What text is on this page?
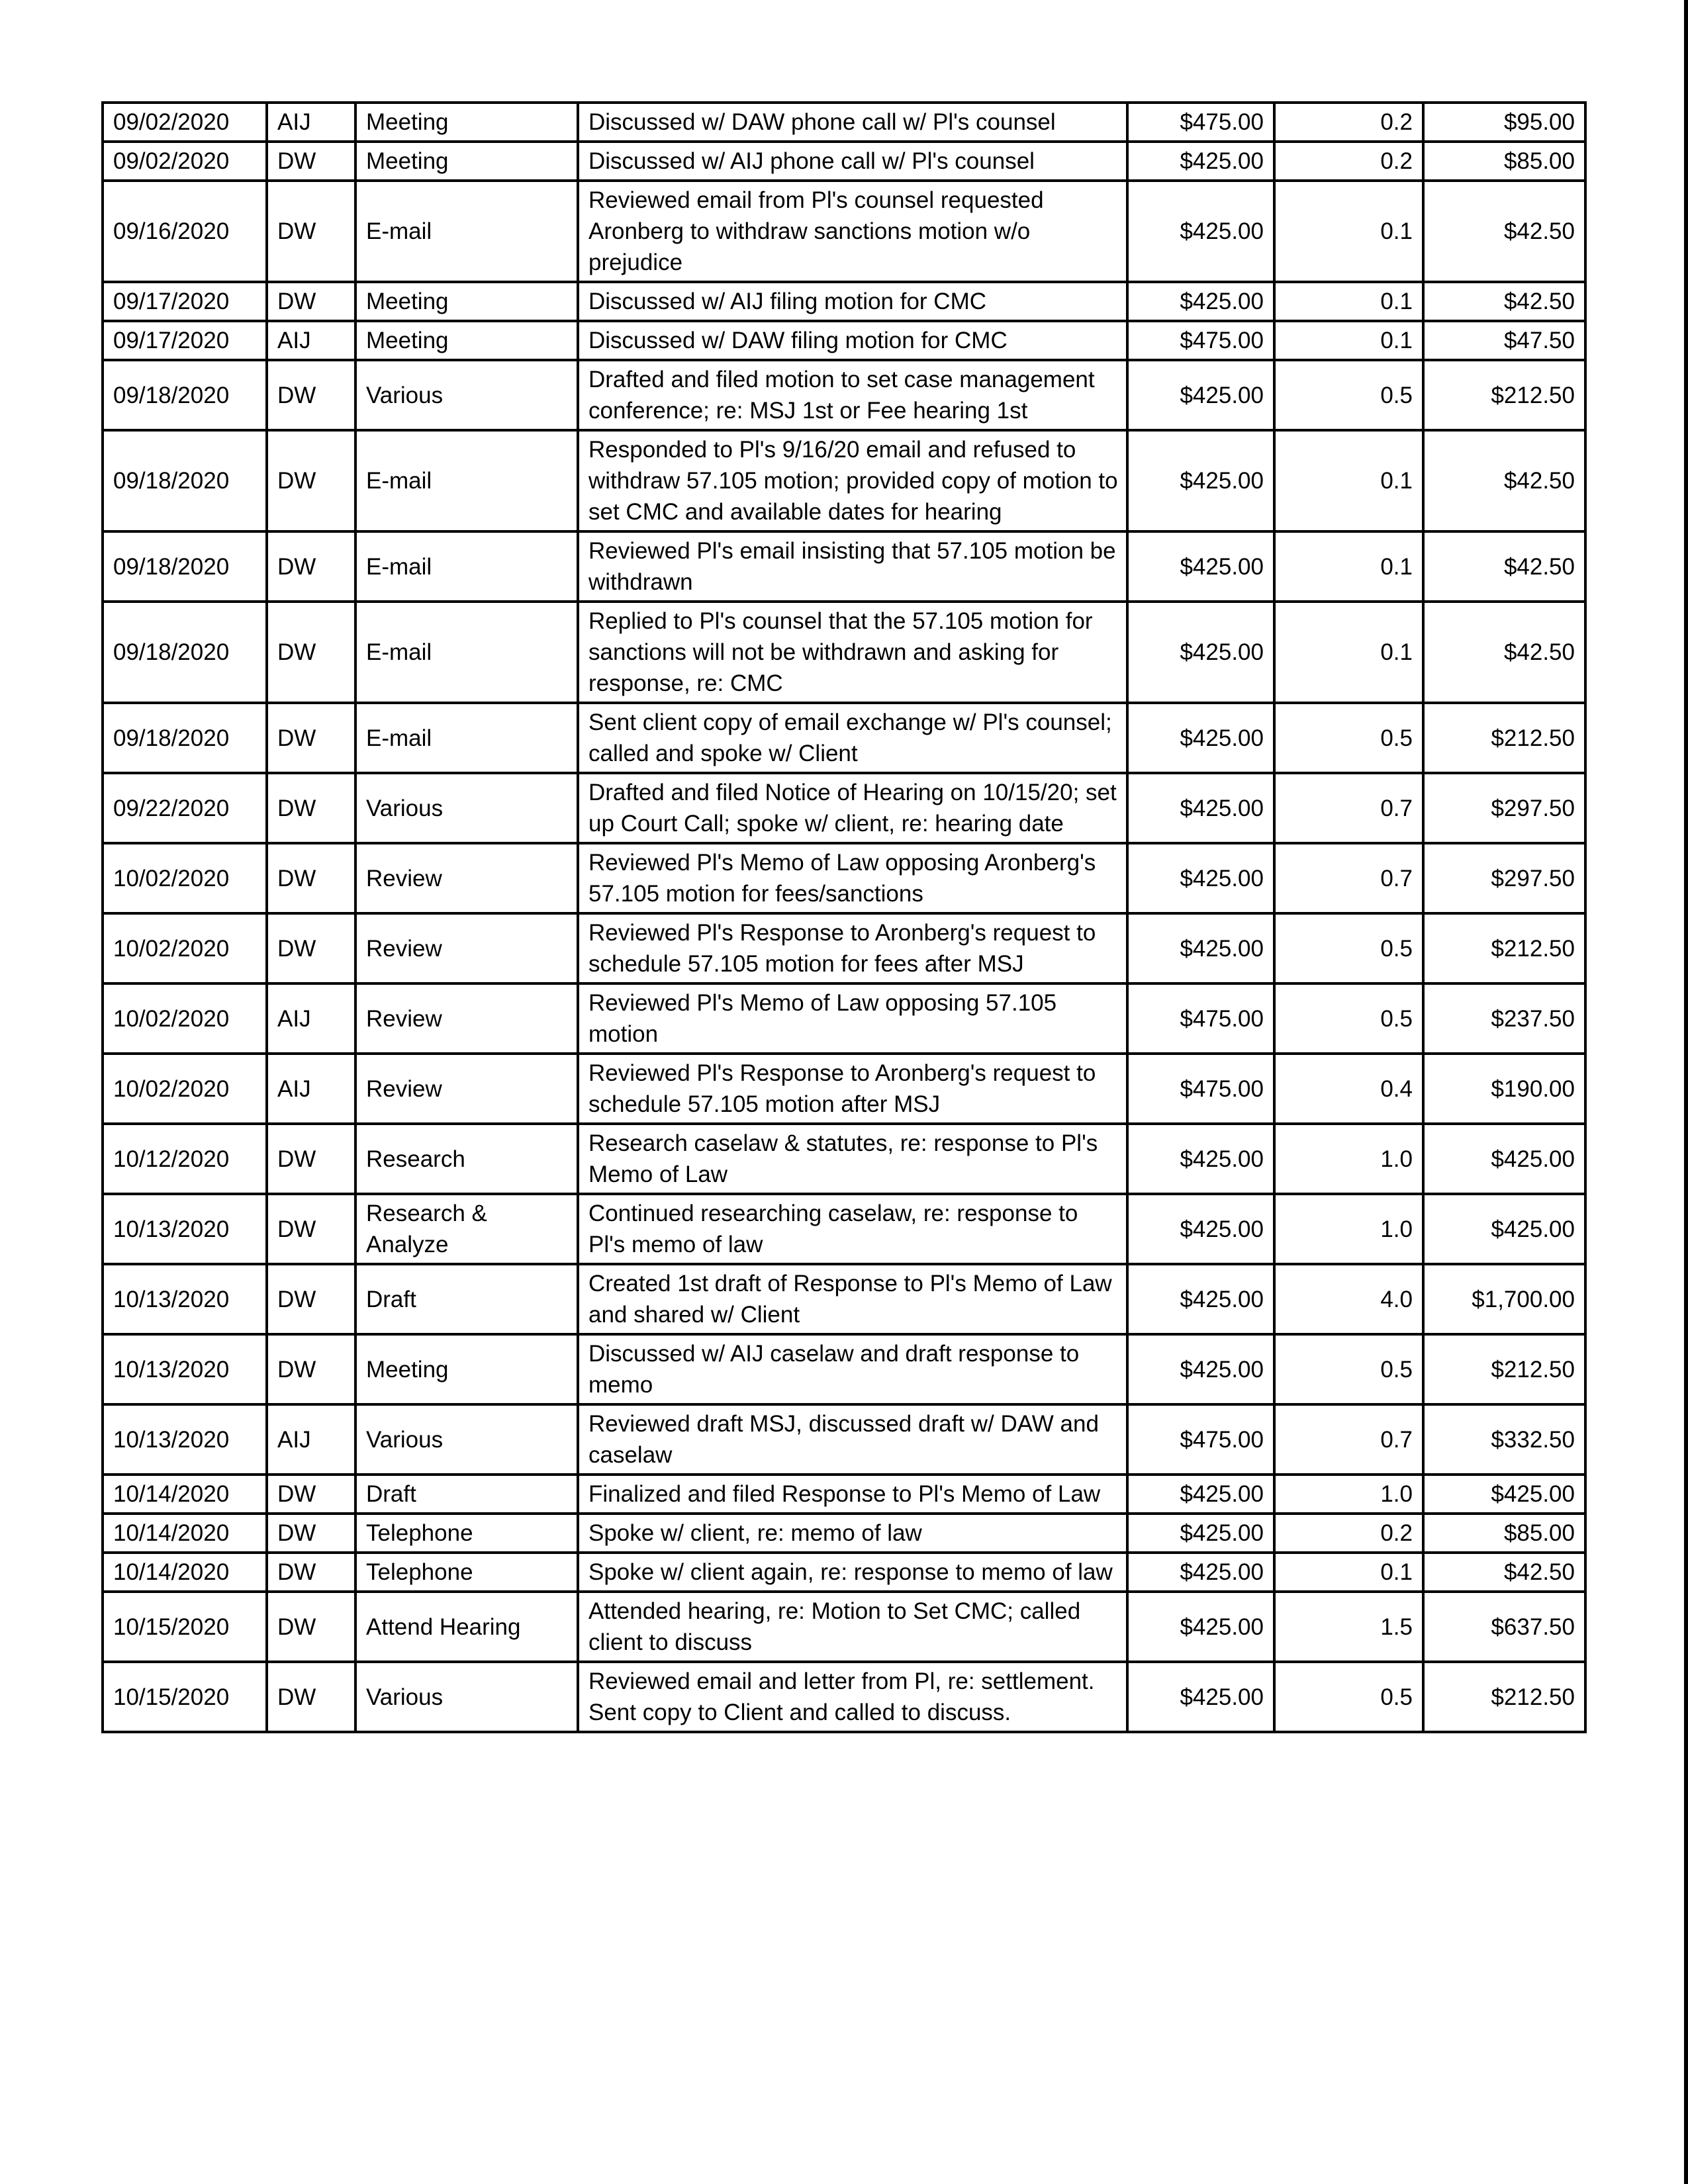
09/02/2020	AIJ	Meeting	Discussed w/ DAW phone call w/ Pl's counsel	$475.00	0.2	$95.00
09/02/2020	DW	Meeting	Discussed w/ AIJ phone call w/ Pl's counsel	$425.00	0.2	$85.00
09/16/2020	DW	E-mail	Reviewed email from Pl's counsel requested Aronberg to withdraw sanctions motion w/o prejudice	$425.00	0.1	$42.50
09/17/2020	DW	Meeting	Discussed w/ AIJ filing motion for CMC	$425.00	0.1	$42.50
09/17/2020	AIJ	Meeting	Discussed w/ DAW filing motion for CMC	$475.00	0.1	$47.50
09/18/2020	DW	Various	Drafted and filed motion to set case management conference; re: MSJ 1st or Fee hearing 1st	$425.00	0.5	$212.50
09/18/2020	DW	E-mail	Responded to Pl's 9/16/20 email and refused to withdraw 57.105 motion; provided copy of motion to set CMC and available dates for hearing	$425.00	0.1	$42.50
09/18/2020	DW	E-mail	Reviewed Pl's email insisting that 57.105 motion be withdrawn	$425.00	0.1	$42.50
09/18/2020	DW	E-mail	Replied to Pl's counsel that the 57.105 motion for sanctions will not be withdrawn and asking for response, re: CMC	$425.00	0.1	$42.50
09/18/2020	DW	E-mail	Sent client copy of email exchange w/ Pl's counsel; called and spoke w/ Client	$425.00	0.5	$212.50
09/22/2020	DW	Various	Drafted and filed Notice of Hearing on 10/15/20; set up Court Call; spoke w/ client, re: hearing date	$425.00	0.7	$297.50
10/02/2020	DW	Review	Reviewed Pl's Memo of Law opposing Aronberg's 57.105 motion for fees/sanctions	$425.00	0.7	$297.50
10/02/2020	DW	Review	Reviewed Pl's Response to Aronberg's request to schedule 57.105 motion for fees after MSJ	$425.00	0.5	$212.50
10/02/2020	AIJ	Review	Reviewed Pl's Memo of Law opposing 57.105 motion	$475.00	0.5	$237.50
10/02/2020	AIJ	Review	Reviewed Pl's Response to Aronberg's request to schedule 57.105 motion after MSJ	$475.00	0.4	$190.00
10/12/2020	DW	Research	Research caselaw & statutes, re: response to Pl's Memo of Law	$425.00	1.0	$425.00
10/13/2020	DW	Research & Analyze	Continued researching caselaw, re: response to Pl's memo of law	$425.00	1.0	$425.00
10/13/2020	DW	Draft	Created 1st draft of Response to Pl's Memo of Law and shared w/ Client	$425.00	4.0	$1,700.00
10/13/2020	DW	Meeting	Discussed w/ AIJ caselaw and draft response to memo	$425.00	0.5	$212.50
10/13/2020	AIJ	Various	Reviewed draft MSJ, discussed draft w/ DAW and caselaw	$475.00	0.7	$332.50
10/14/2020	DW	Draft	Finalized and filed Response to Pl's Memo of Law	$425.00	1.0	$425.00
10/14/2020	DW	Telephone	Spoke w/ client, re: memo of law	$425.00	0.2	$85.00
10/14/2020	DW	Telephone	Spoke w/ client again, re: response to memo of law	$425.00	0.1	$42.50
10/15/2020	DW	Attend Hearing	Attended hearing, re: Motion to Set CMC; called client to discuss	$425.00	1.5	$637.50
10/15/2020	DW	Various	Reviewed email and letter from Pl, re: settlement. Sent copy to Client and called to discuss.	$425.00	0.5	$212.50
